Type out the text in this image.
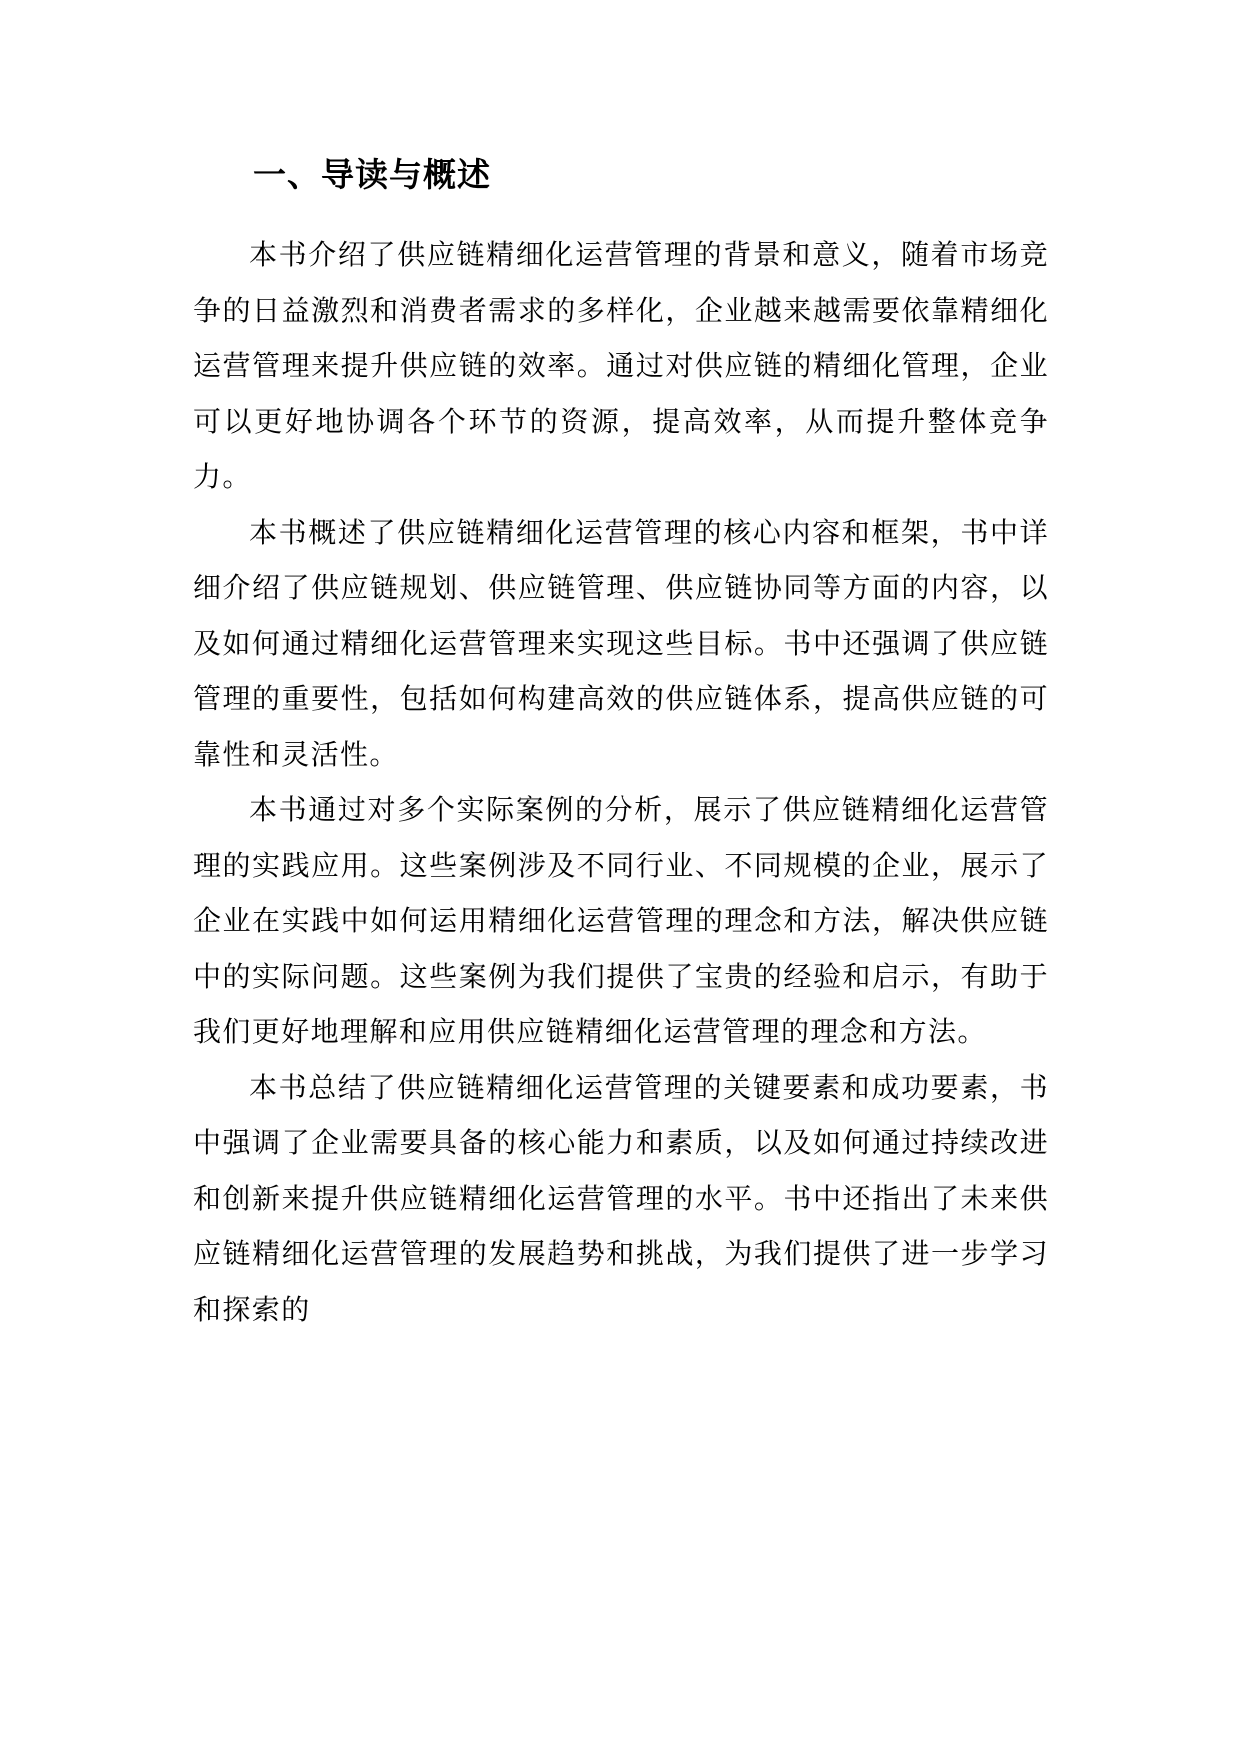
一、导读与概述

本书介绍了供应链精细化运营管理的背景和意义，随着市场竞争的日益激烈和消费者需求的多样化，企业越来越需要依靠精细化运营管理来提升供应链的效率。通过对供应链的精细化管理，企业可以更好地协调各个环节的资源，提高效率，从而提升整体竞争力。

本书概述了供应链精细化运营管理的核心内容和框架，书中详细介绍了供应链规划、供应链管理、供应链协同等方面的内容，以及如何通过精细化运营管理来实现这些目标。书中还强调了供应链管理的重要性，包括如何构建高效的供应链体系，提高供应链的可靠性和灵活性。

本书通过对多个实际案例的分析，展示了供应链精细化运营管理的实践应用。这些案例涉及不同行业、不同规模的企业，展示了企业在实践中如何运用精细化运营管理的理念和方法，解决供应链中的实际问题。这些案例为我们提供了宝贵的经验和启示，有助于我们更好地理解和应用供应链精细化运营管理的理念和方法。

本书总结了供应链精细化运营管理的关键要素和成功要素，书中强调了企业需要具备的核心能力和素质，以及如何通过持续改进和创新来提升供应链精细化运营管理的水平。书中还指出了未来供应链精细化运营管理的发展趋势和挑战，为我们提供了进一步学习和探索的
